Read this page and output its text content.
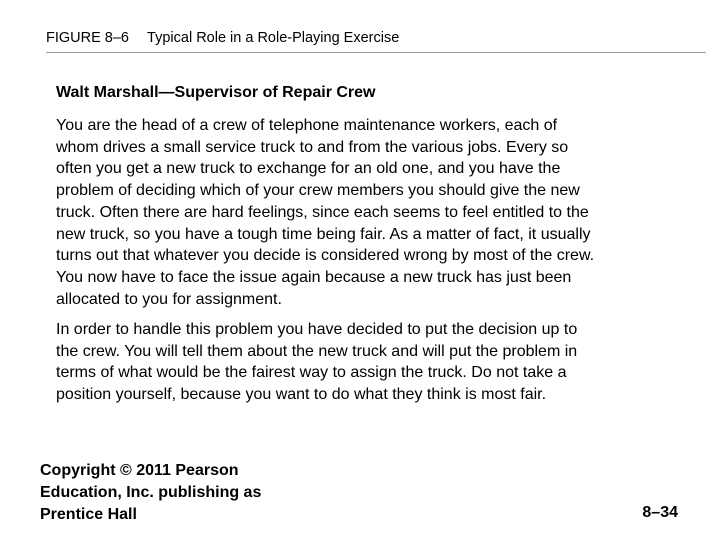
FIGURE 8–6 Typical Role in a Role-Playing Exercise
Walt Marshall—Supervisor of Repair Crew

You are the head of a crew of telephone maintenance workers, each of
whom drives a small service truck to and from the various jobs. Every so
often you get a new truck to exchange for an old one, and you have the
problem of deciding which of your crew members you should give the new
truck. Often there are hard feelings, since each seems to feel entitled to the
new truck, so you have a tough time being fair. As a matter of fact, it usually
turns out that whatever you decide is considered wrong by most of the crew.
You now have to face the issue again because a new truck has just been
allocated to you for assignment.

In order to handle this problem you have decided to put the decision up to
the crew. You will tell them about the new truck and will put the problem in
terms of what would be the fairest way to assign the truck. Do not take a
position yourself, because you want to do what they think is most fair.

Copyright © 2011 Pearson
Education, Inc. publishing as
Prentice Hall	8–34
